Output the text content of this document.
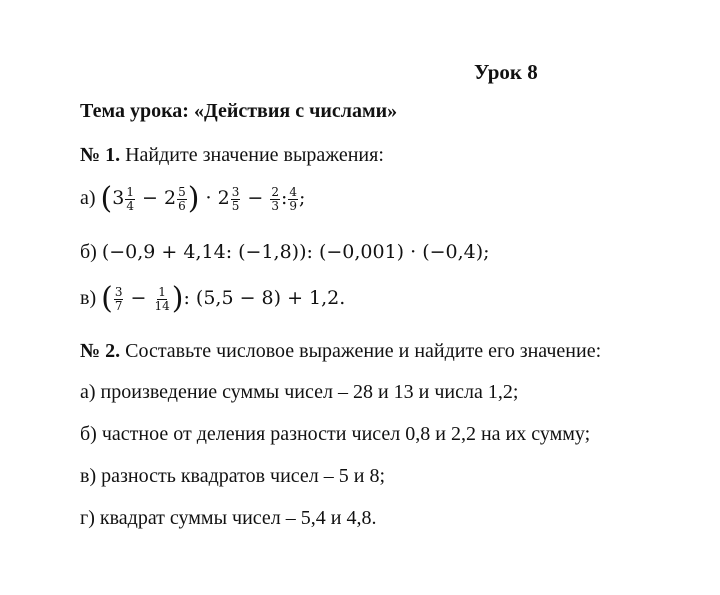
Урок 8
Тема урока: «Действия с числами»
№ 1. Найдите значение выражения:
а) ($3 \frac{1}{4} - 2 \frac{5}{6}$ ) · $2 \frac{3}{5} - \frac{2}{3}$ : $\frac{4}{9}$ ;
б) (−0,9 + 4,14: (−1,8)): (−0,001) · (−0,4);
в) ( $\frac{3}{7} - \frac{1}{14}$ ): (5,5 − 8) + 1,2.
№ 2. Составьте числовое выражение и найдите его значение:
а) произведение суммы чисел – 28 и 13 и числа 1,2;
б) частное от деления разности чисел 0,8 и 2,2 на их сумму;
в) разность квадратов чисел – 5 и 8;
г) квадрат суммы чисел – 5,4 и 4,8.
